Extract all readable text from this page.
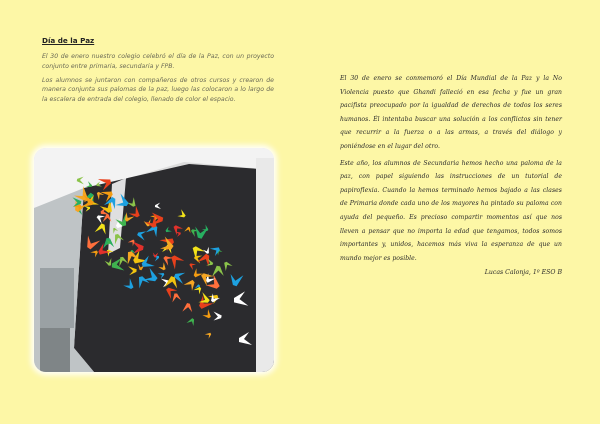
Día de la Paz

El 30 de enero nuestro colegio celebró el día de la Paz, con un proyecto conjunto entre primaria, secundaria y FPB.

Los alumnos se juntaron con compañeros de otros cursos y crearon de manera conjunta sus palomas de la paz, luego las colocaron a lo largo de la escalera de entrada del colegio, llenado de color el espacio.

El 30 de enero se conmemoró el Día Mundial de la Paz y la No Violencia puesto que Ghandi falleció en esa fecha y fue un gran pacifista preocupado por la igualdad de derechos de todos los seres humanos. Él intentaba buscar una solución a los conflictos sin tener que recurrir a la fuerza o a las armas, a través del diálogo y poniéndose en el lugar del otro.

Este año, los alumnos de Secundaria hemos hecho una paloma de la paz, con papel siguiendo las instrucciones de un tutorial de papiroflexia. Cuando la hemos terminado hemos bajado a las clases de Primaria donde cada uno de los mayores ha pintado su paloma con ayuda del pequeño. Es precioso compartir momentos así que nos lleven a pensar que no importa la edad que tengamos, todos somos importantes y, unidos, hacemos más viva la esperanza de que un mundo mejor es posible.

Lucas Calonja, 1º ESO B
